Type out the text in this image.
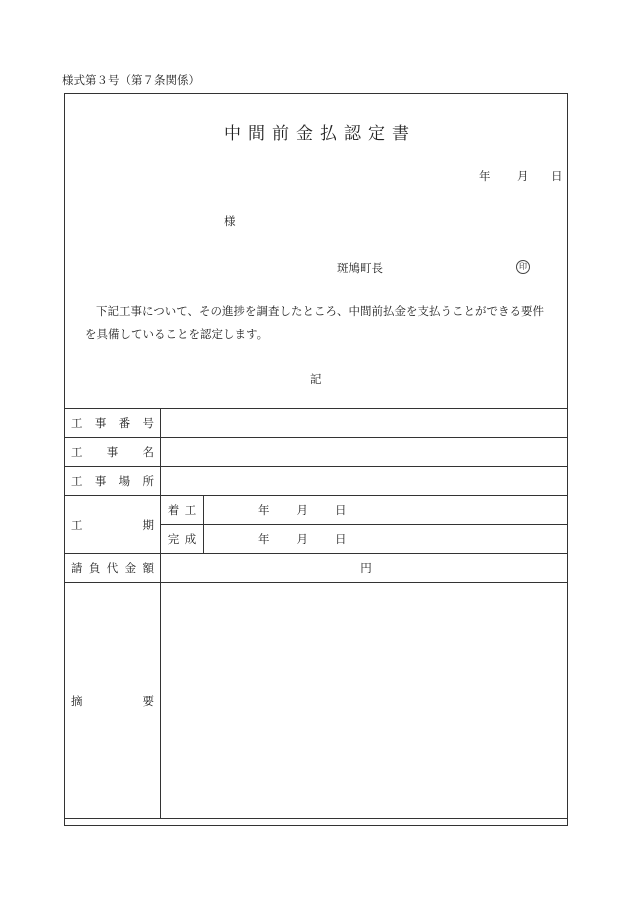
様式第３号（第７条関係）
中 間 前 金 払 認 定 書
年 月 日
様
斑鳩町長	印
下記工事について、その進捗を調査したところ、中間前払金を支払うことができる要件を具備していることを認定します。
記
工 事 番 号		

工 事 名		

工 事 場 所		

工 期	着 工	年 月 日

	完 成	年 月 日

請 負 代 金 額	円	

摘 要		
